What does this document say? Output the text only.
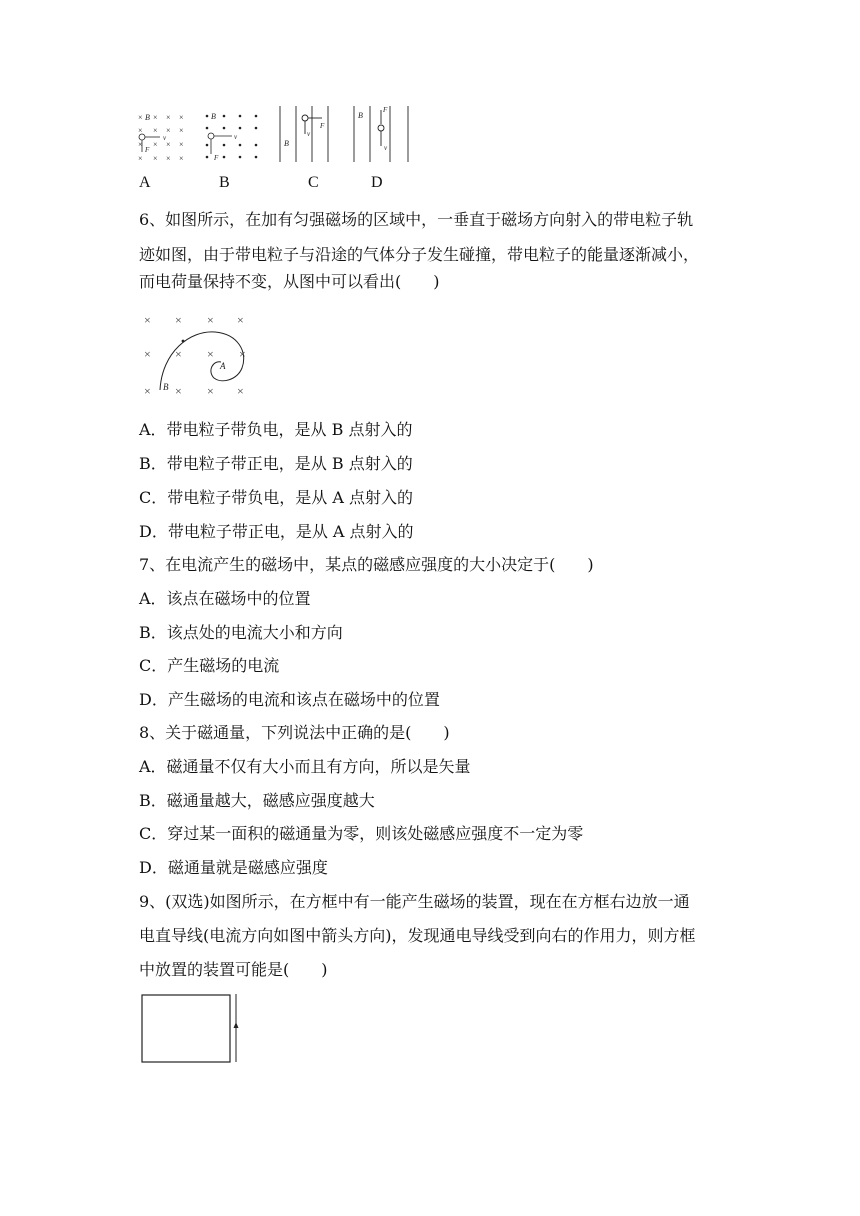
× B × × ×
× × × ×
v
F
× × × ×
× × × ×
B
v
F
B
F
v
B
F
v
A	B	C	D
6、如图所示，在加有匀强磁场的区域中，一垂直于磁场方向射入的带电粒子轨
迹如图，由于带电粒子与沿途的气体分子发生碰撞，带电粒子的能量逐渐减小，
而电荷量保持不变，从图中可以看出(　　)
× × × ×
× × × ×
× × × ×
A
B
A．带电粒子带负电，是从 B 点射入的
B．带电粒子带正电，是从 B 点射入的
C．带电粒子带负电，是从 A 点射入的
D．带电粒子带正电，是从 A 点射入的
7、在电流产生的磁场中，某点的磁感应强度的大小决定于(　　)
A．该点在磁场中的位置
B．该点处的电流大小和方向
C．产生磁场的电流
D．产生磁场的电流和该点在磁场中的位置
8、关于磁通量，下列说法中正确的是(　　)
A．磁通量不仅有大小而且有方向，所以是矢量
B．磁通量越大，磁感应强度越大
C．穿过某一面积的磁通量为零，则该处磁感应强度不一定为零
D．磁通量就是磁感应强度
9、(双选)如图所示，在方框中有一能产生磁场的装置，现在在方框右边放一通
电直导线(电流方向如图中箭头方向)，发现通电导线受到向右的作用力，则方框
中放置的装置可能是(　　)
